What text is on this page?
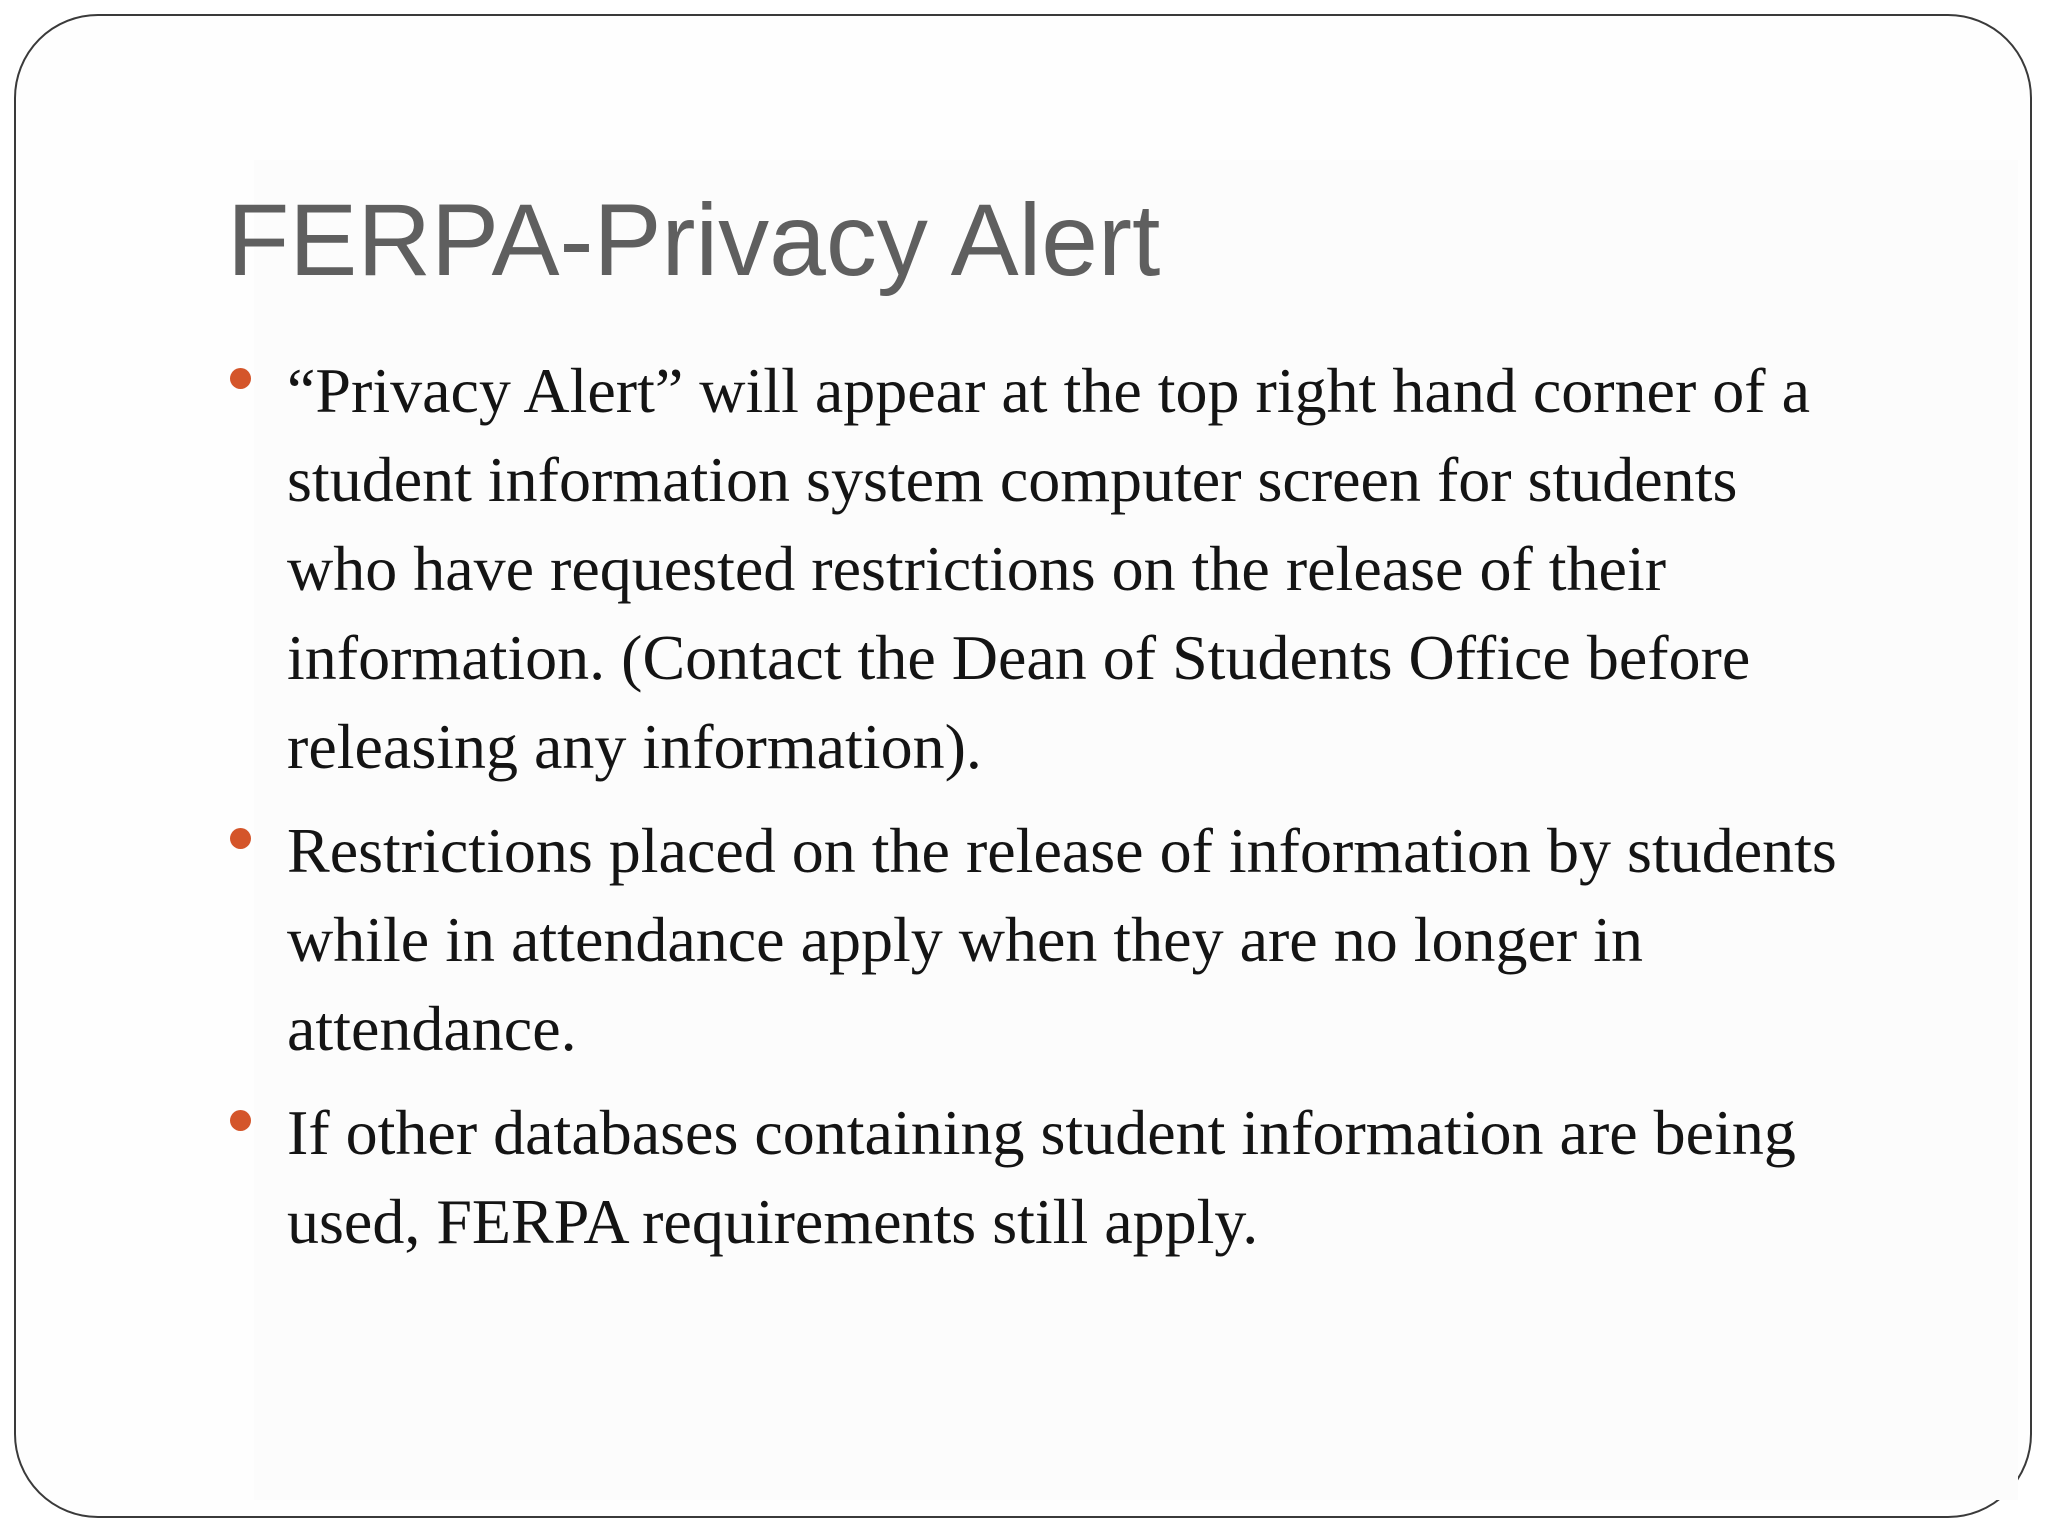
FERPA-Privacy Alert
“Privacy Alert” will appear at the top right hand corner of a
student information system computer screen for students
who have requested restrictions on the release of their
information. (Contact the Dean of Students Office before
releasing any information).
Restrictions placed on the release of information by students
while in attendance apply when they are no longer in
attendance.
If other databases containing student information are being
used, FERPA requirements still apply.
